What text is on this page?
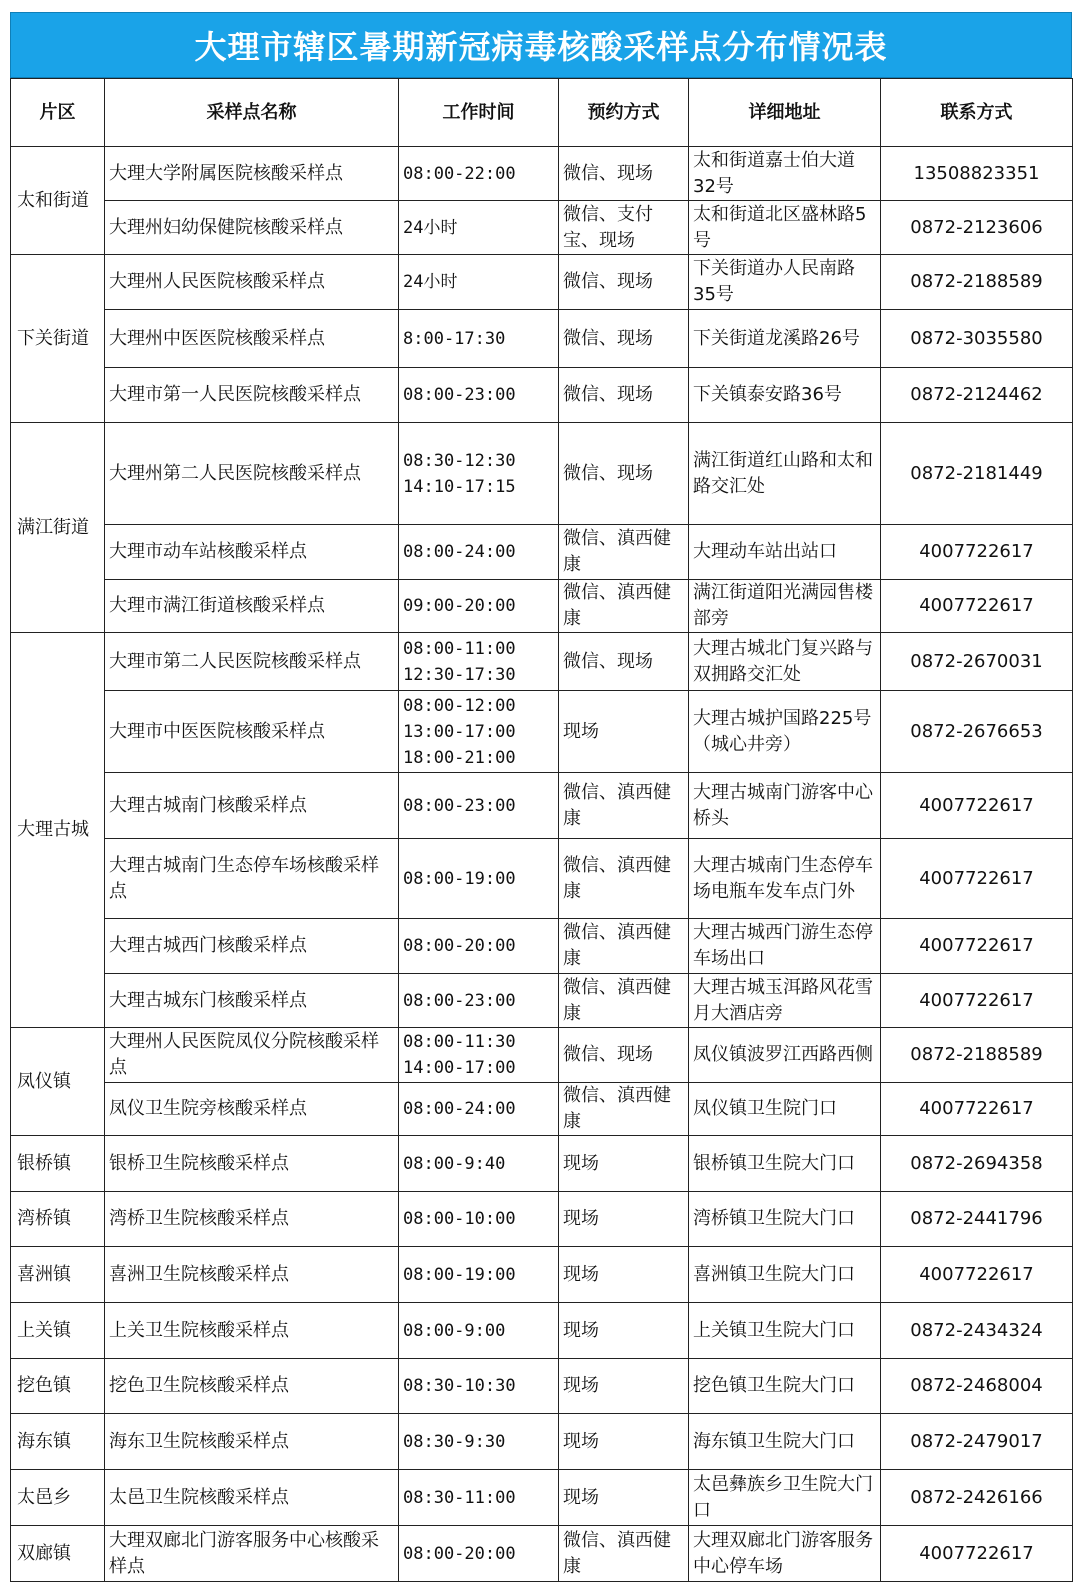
大理市辖区暑期新冠病毒核酸采样点分布情况表
片区	采样点名称	工作时间	预约方式	详细地址	联系方式
太和街道	大理大学附属医院核酸采样点	08:00-22:00	微信、现场	太和街道嘉士伯大道32号	13508823351
	大理州妇幼保健院核酸采样点	24小时	微信、支付宝、现场	太和街道北区盛林路5号	0872-2123606
下关街道	大理州人民医院核酸采样点	24小时	微信、现场	下关街道办人民南路35号	0872-2188589
	大理州中医医院核酸采样点	8:00-17:30	微信、现场	下关街道龙溪路26号	0872-3035580
	大理市第一人民医院核酸采样点	08:00-23:00	微信、现场	下关镇泰安路36号	0872-2124462
满江街道	大理州第二人民医院核酸采样点	08:30-12:30
14:10-17:15	微信、现场	满江街道红山路和太和路交汇处	0872-2181449
	大理市动车站核酸采样点	08:00-24:00	微信、滇西健康	大理动车站出站口	4007722617
	大理市满江街道核酸采样点	09:00-20:00	微信、滇西健康	满江街道阳光满园售楼部旁	4007722617
大理古城	大理市第二人民医院核酸采样点	08:00-11:00
12:30-17:30	微信、现场	大理古城北门复兴路与双拥路交汇处	0872-2670031
	大理市中医医院核酸采样点	08:00-12:00
13:00-17:00
18:00-21:00	现场	大理古城护国路225号（城心井旁）	0872-2676653
	大理古城南门核酸采样点	08:00-23:00	微信、滇西健康	大理古城南门游客中心桥头	4007722617
	大理古城南门生态停车场核酸采样点	08:00-19:00	微信、滇西健康	大理古城南门生态停车场电瓶车发车点门外	4007722617
	大理古城西门核酸采样点	08:00-20:00	微信、滇西健康	大理古城西门游生态停车场出口	4007722617
	大理古城东门核酸采样点	08:00-23:00	微信、滇西健康	大理古城玉洱路风花雪月大酒店旁	4007722617
凤仪镇	大理州人民医院凤仪分院核酸采样点	08:00-11:30
14:00-17:00	微信、现场	凤仪镇波罗江西路西侧	0872-2188589
	凤仪卫生院旁核酸采样点	08:00-24:00	微信、滇西健康	凤仪镇卫生院门口	4007722617
银桥镇	银桥卫生院核酸采样点	08:00-9:40	现场	银桥镇卫生院大门口	0872-2694358
湾桥镇	湾桥卫生院核酸采样点	08:00-10:00	现场	湾桥镇卫生院大门口	0872-2441796
喜洲镇	喜洲卫生院核酸采样点	08:00-19:00	现场	喜洲镇卫生院大门口	4007722617
上关镇	上关卫生院核酸采样点	08:00-9:00	现场	上关镇卫生院大门口	0872-2434324
挖色镇	挖色卫生院核酸采样点	08:30-10:30	现场	挖色镇卫生院大门口	0872-2468004
海东镇	海东卫生院核酸采样点	08:30-9:30	现场	海东镇卫生院大门口	0872-2479017
太邑乡	太邑卫生院核酸采样点	08:30-11:00	现场	太邑彝族乡卫生院大门口	0872-2426166
双廊镇	大理双廊北门游客服务中心核酸采样点	08:00-20:00	微信、滇西健康	大理双廊北门游客服务中心停车场	4007722617
